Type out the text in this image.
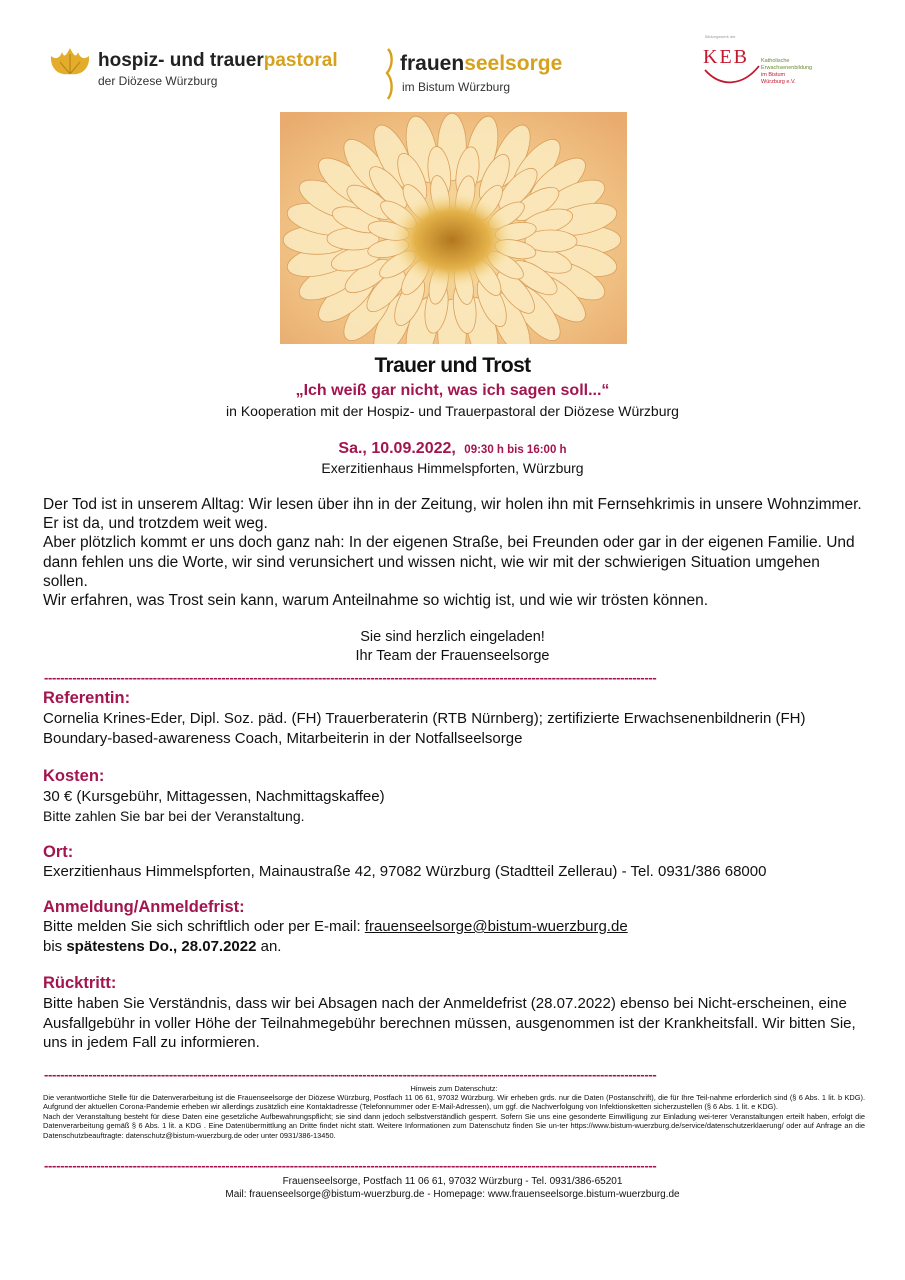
hospiz- und trauerpastoral
der Diözese Würzburg
frauenseelsorge
im Bistum Würzburg
Bildungswerk der
KEB Katholische
Erwachsenenbildung
im Bistum
Würzburg e.V.
Trauer und Trost
„Ich weiß gar nicht, was ich sagen soll...“
in Kooperation mit der Hospiz- und Trauerpastoral der Diözese Würzburg
Sa., 10.09.2022, 09:30 h bis 16:00 h
Exerzitienhaus Himmelspforten, Würzburg
Der Tod ist in unserem Alltag: Wir lesen über ihn in der Zeitung, wir holen ihn mit Fernsehkrimis in unsere Wohnzimmer. Er ist da, und trotzdem weit weg.
Aber plötzlich kommt er uns doch ganz nah: In der eigenen Straße, bei Freunden oder gar in der eigenen Familie. Und dann fehlen uns die Worte, wir sind verunsichert und wissen nicht, wie wir mit der schwierigen Situation umgehen sollen.
Wir erfahren, was Trost sein kann, warum Anteilnahme so wichtig ist, und wie wir trösten können.
Sie sind herzlich eingeladen!
Ihr Team der Frauenseelsorge
--------------------------------------------------------------------------------------------------------------------------------------------------------
Referentin:
Cornelia Krines-Eder, Dipl. Soz. päd. (FH) Trauerberaterin (RTB Nürnberg); zertifizierte Erwachsenenbildnerin (FH) Boundary-based-awareness Coach, Mitarbeiterin in der Notfallseelsorge
Kosten:
30 € (Kursgebühr, Mittagessen, Nachmittagskaffee)
Bitte zahlen Sie bar bei der Veranstaltung.
Ort:
Exerzitienhaus Himmelspforten, Mainaustraße 42, 97082 Würzburg (Stadtteil Zellerau) - Tel. 0931/386 68000
Anmeldung/Anmeldefrist:
Bitte melden Sie sich schriftlich oder per E-mail: frauenseelsorge@bistum-wuerzburg.de
bis spätestens Do., 28.07.2022 an.
Rücktritt:
Bitte haben Sie Verständnis, dass wir bei Absagen nach der Anmeldefrist (28.07.2022) ebenso bei Nicht-erscheinen, eine Ausfallgebühr in voller Höhe der Teilnahmegebühr berechnen müssen, ausgenommen ist der Krankheitsfall. Wir bitten Sie, uns in jedem Fall zu informieren.
--------------------------------------------------------------------------------------------------------------------------------------------------------
Hinweis zum Datenschutz:
Die verantwortliche Stelle für die Datenverarbeitung ist die Frauenseelsorge der Diözese Würzburg, Postfach 11 06 61, 97032 Würzburg. Wir erheben grds. nur die Daten (Postanschrift), die für Ihre Teil-nahme erforderlich sind (§ 6 Abs. 1 lit. b KDG). Aufgrund der aktuellen Corona-Pandemie erheben wir allerdings zusätzlich eine Kontaktadresse (Telefonnummer oder E-Mail-Adressen), um ggf. die Nachverfolgung von Infektionsketten sicherzustellen (§ 6 Abs. 1 lit. e KDG).
Nach der Veranstaltung besteht für diese Daten eine gesetzliche Aufbewahrungspflicht; sie sind dann jedoch selbstverständlich gesperrt. Sofern Sie uns eine gesonderte Einwilligung zur Einladung wei-terer Veranstaltungen erteilt haben, erfolgt die Datenverarbeitung gemäß § 6 Abs. 1 lit. a KDG . Eine Datenübermittlung an Dritte findet nicht statt. Weitere Informationen zum Datenschutz finden Sie un-ter https://www.bistum-wuerzburg.de/service/datenschutzerklaerung/ oder auf Anfrage an die Datenschutzbeauftragte: datenschutz@bistum-wuerzburg.de oder unter 0931/386-13450.
--------------------------------------------------------------------------------------------------------------------------------------------------------
Frauenseelsorge, Postfach 11 06 61, 97032 Würzburg - Tel. 0931/386-65201
Mail: frauenseelsorge@bistum-wuerzburg.de - Homepage: www.frauenseelsorge.bistum-wuerzburg.de
